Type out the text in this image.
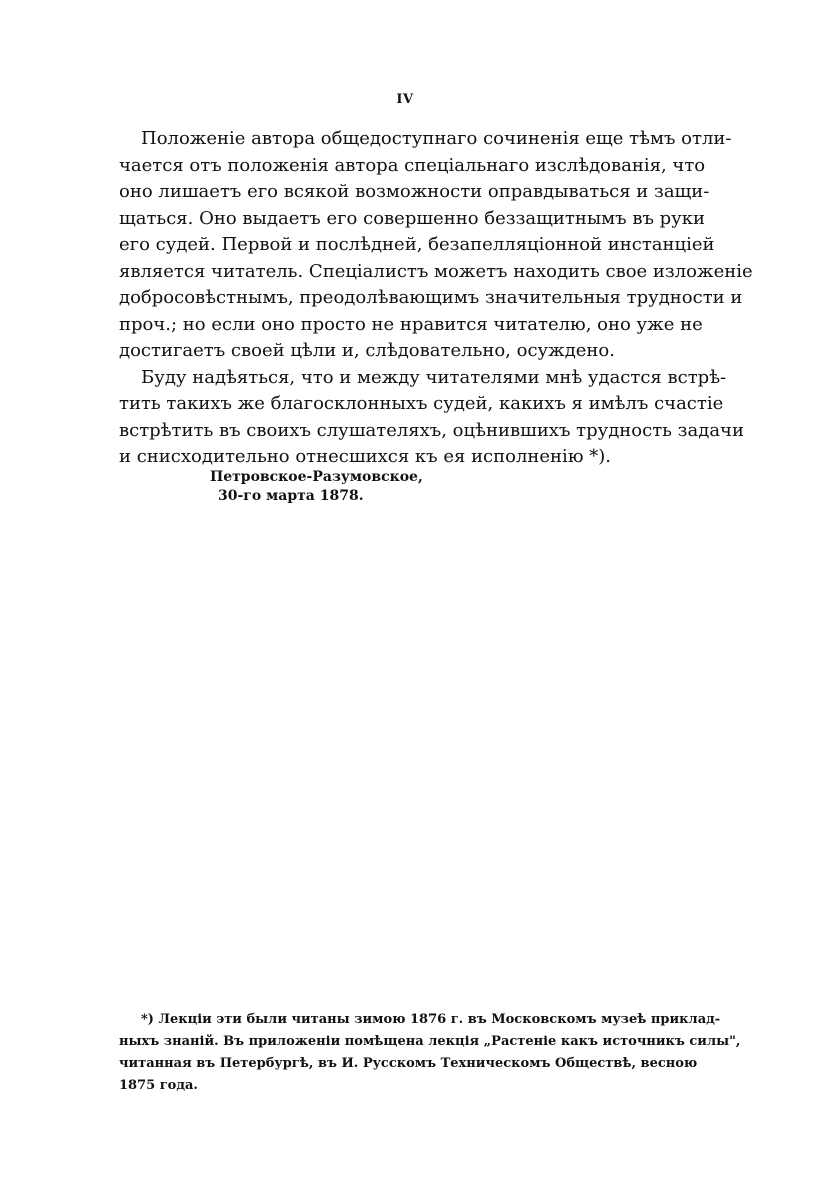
IV

Положеніе автора общедоступнаго сочиненія еще тѣмъ отли-
чается отъ положенія автора спеціальнаго изслѣдованія, что
оно лишаетъ его всякой возможности оправдываться и защи-
щаться. Оно выдаетъ его совершенно беззащитнымъ въ руки
его судей. Первой и послѣдней, безапелляціонной инстанціей
является читатель. Спеціалистъ можетъ находить свое изложеніе
добросовѣстнымъ, преодолѣвающимъ значительныя трудности и
проч.; но если оно просто не нравится читателю, оно уже не
достигаетъ своей цѣли и, слѣдовательно, осуждено.

Буду надѣяться, что и между читателями мнѣ удастся встрѣ-
тить такихъ же благосклонныхъ судей, какихъ я имѣлъ счастіе
встрѣтить въ своихъ слушателяхъ, оцѣнившихъ трудность задачи
и снисходительно отнесшихся къ ея исполненію *).

Петровское-Разумовское,
30-го марта 1878.
*) Лекціи эти были читаны зимою 1876 г. въ Московскомъ музеѣ приклад-
ныхъ знаній. Въ приложеніи помѣщена лекція „Растеніе какъ источникъ силы",
читанная въ Петербургѣ, въ И. Русскомъ Техническомъ Обществѣ, весною
1875 года.
